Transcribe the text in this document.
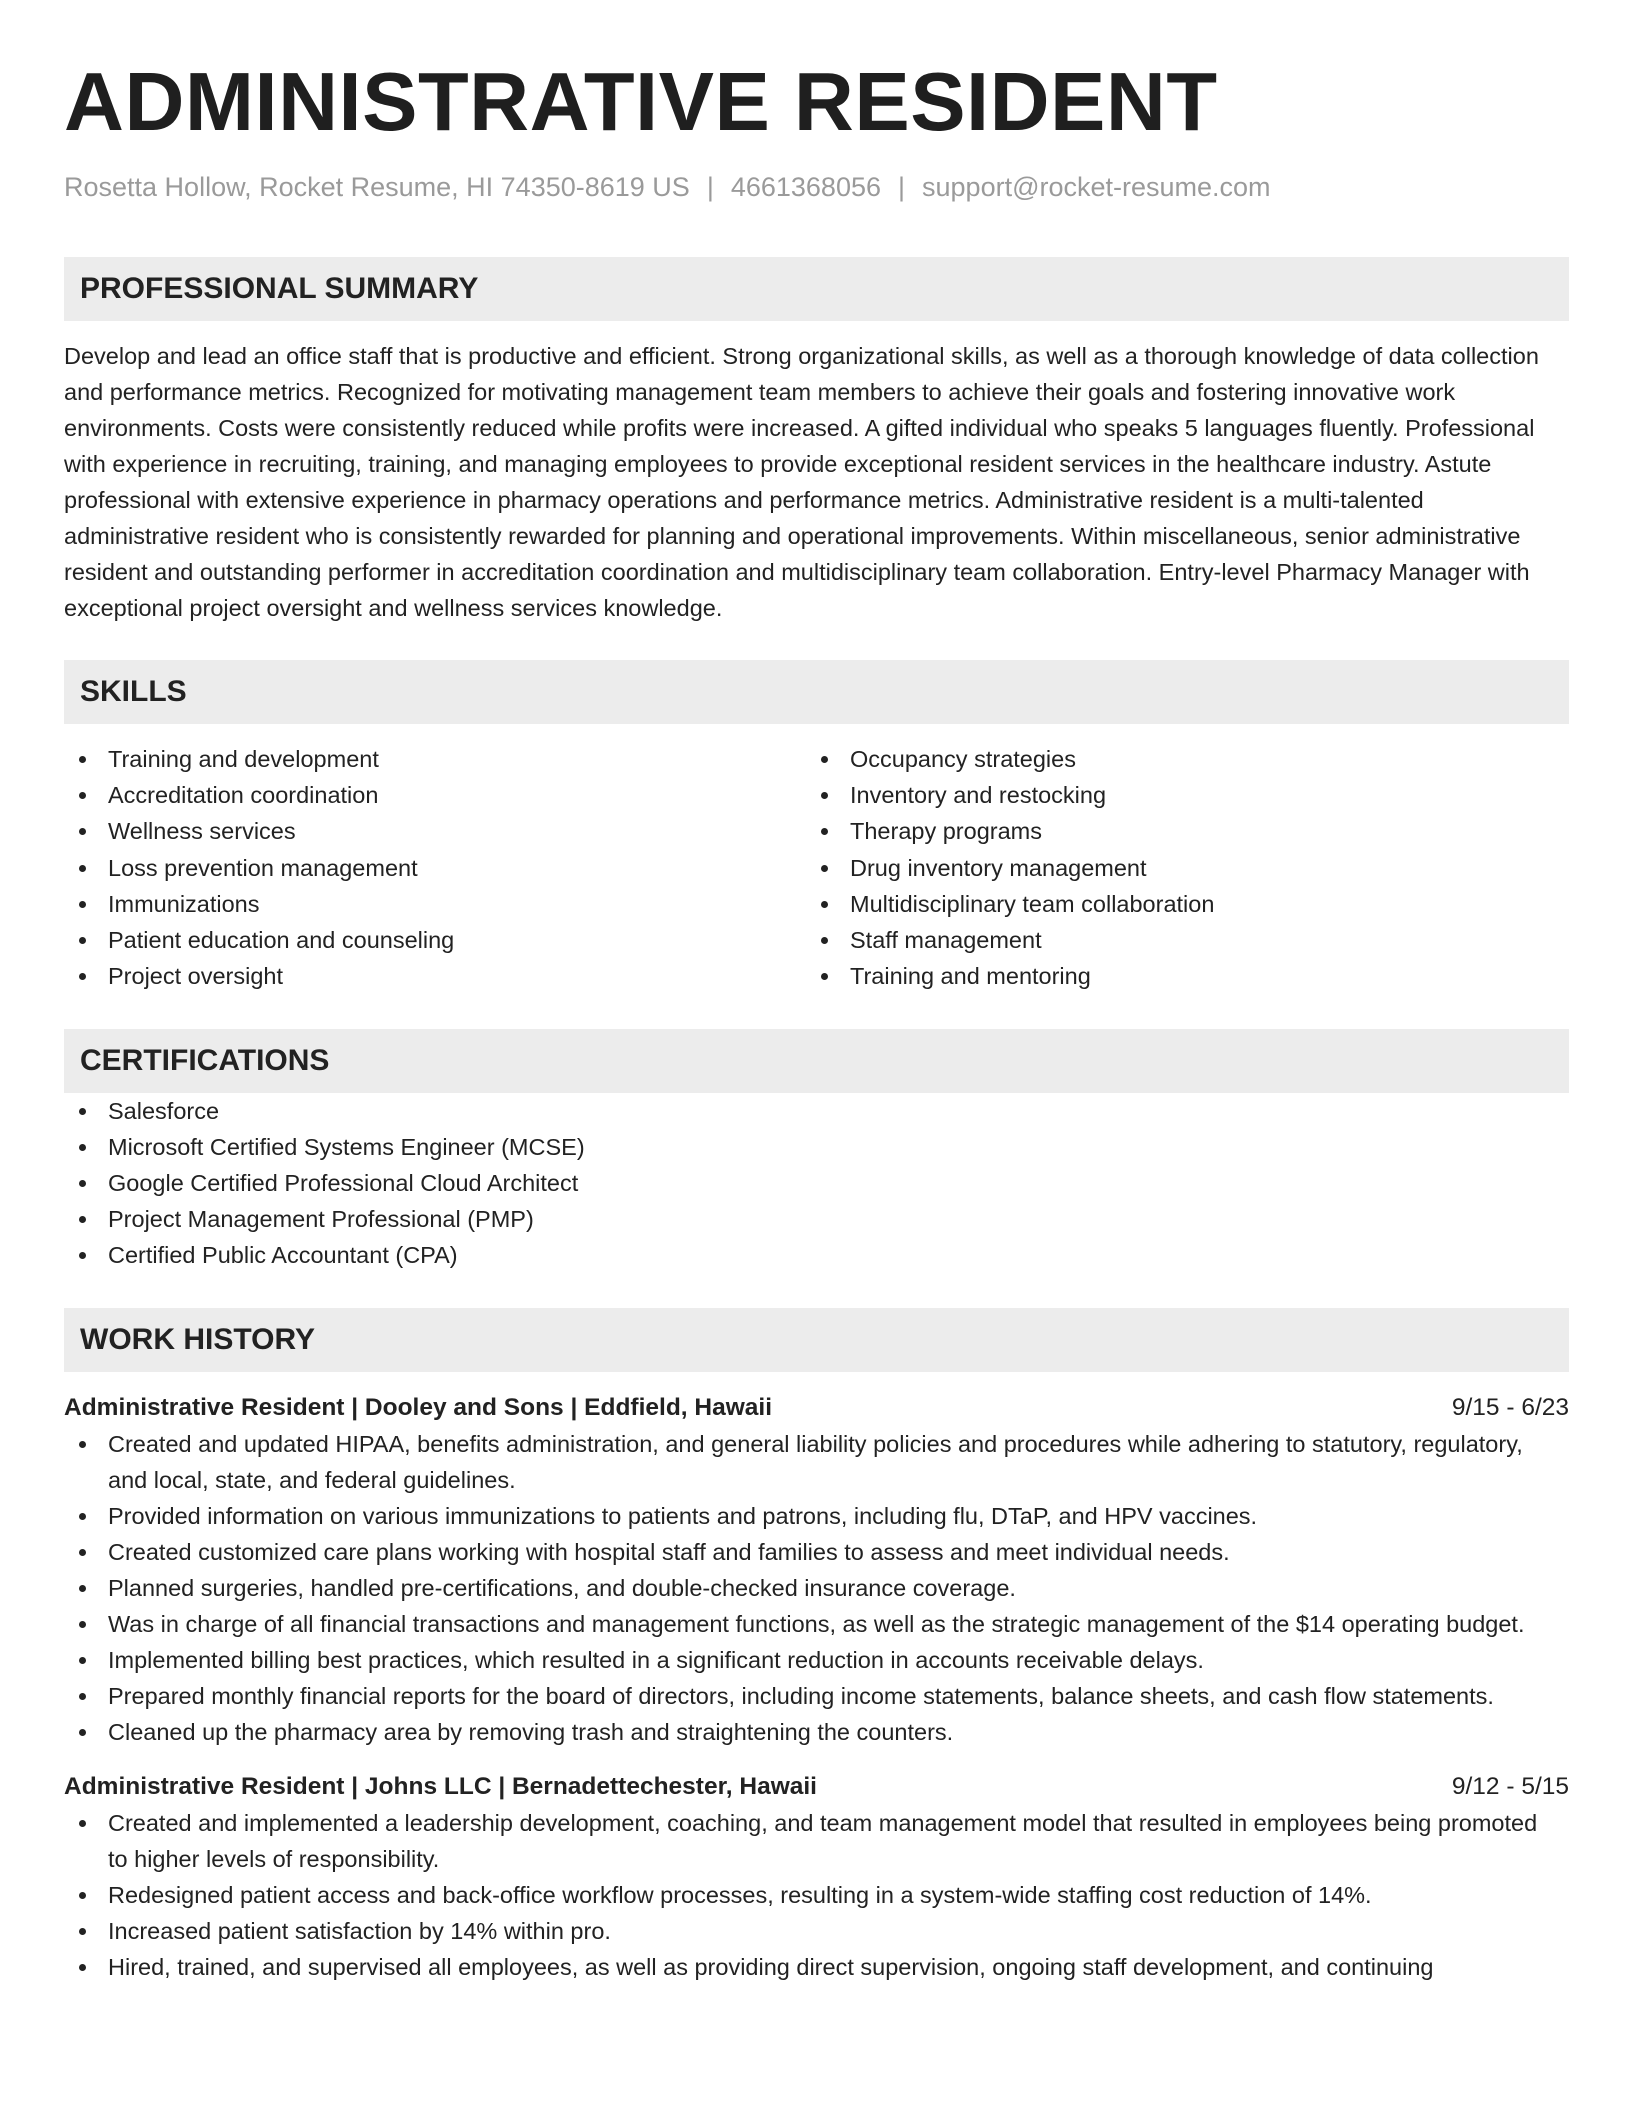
ADMINISTRATIVE RESIDENT
Rosetta Hollow, Rocket Resume, HI 74350-8619 US | 4661368056 | support@rocket-resume.com
PROFESSIONAL SUMMARY

Develop and lead an office staff that is productive and efficient. Strong organizational skills, as well as a thorough knowledge of data collection and performance metrics. Recognized for motivating management team members to achieve their goals and fostering innovative work environments. Costs were consistently reduced while profits were increased. A gifted individual who speaks 5 languages fluently. Professional with experience in recruiting, training, and managing employees to provide exceptional resident services in the healthcare industry. Astute professional with extensive experience in pharmacy operations and performance metrics. Administrative resident is a multi-talented administrative resident who is consistently rewarded for planning and operational improvements. Within miscellaneous, senior administrative resident and outstanding performer in accreditation coordination and multidisciplinary team collaboration. Entry-level Pharmacy Manager with exceptional project oversight and wellness services knowledge.

SKILLS
Training and development
Accreditation coordination
Wellness services
Loss prevention management
Immunizations
Patient education and counseling
Project oversight
Occupancy strategies
Inventory and restocking
Therapy programs
Drug inventory management
Multidisciplinary team collaboration
Staff management
Training and mentoring
CERTIFICATIONS
Salesforce
Microsoft Certified Systems Engineer (MCSE)
Google Certified Professional Cloud Architect
Project Management Professional (PMP)
Certified Public Accountant (CPA)
WORK HISTORY
Administrative Resident | Dooley and Sons | Eddfield, Hawaii	9/15 - 6/23
Created and updated HIPAA, benefits administration, and general liability policies and procedures while adhering to statutory, regulatory, and local, state, and federal guidelines.
Provided information on various immunizations to patients and patrons, including flu, DTaP, and HPV vaccines.
Created customized care plans working with hospital staff and families to assess and meet individual needs.
Planned surgeries, handled pre-certifications, and double-checked insurance coverage.
Was in charge of all financial transactions and management functions, as well as the strategic management of the $14 operating budget.
Implemented billing best practices, which resulted in a significant reduction in accounts receivable delays.
Prepared monthly financial reports for the board of directors, including income statements, balance sheets, and cash flow statements.
Cleaned up the pharmacy area by removing trash and straightening the counters.
Administrative Resident | Johns LLC | Bernadettechester, Hawaii	9/12 - 5/15
Created and implemented a leadership development, coaching, and team management model that resulted in employees being promoted to higher levels of responsibility.
Redesigned patient access and back-office workflow processes, resulting in a system-wide staffing cost reduction of 14%.
Increased patient satisfaction by 14% within pro.
Hired, trained, and supervised all employees, as well as providing direct supervision, ongoing staff development, and continuing
